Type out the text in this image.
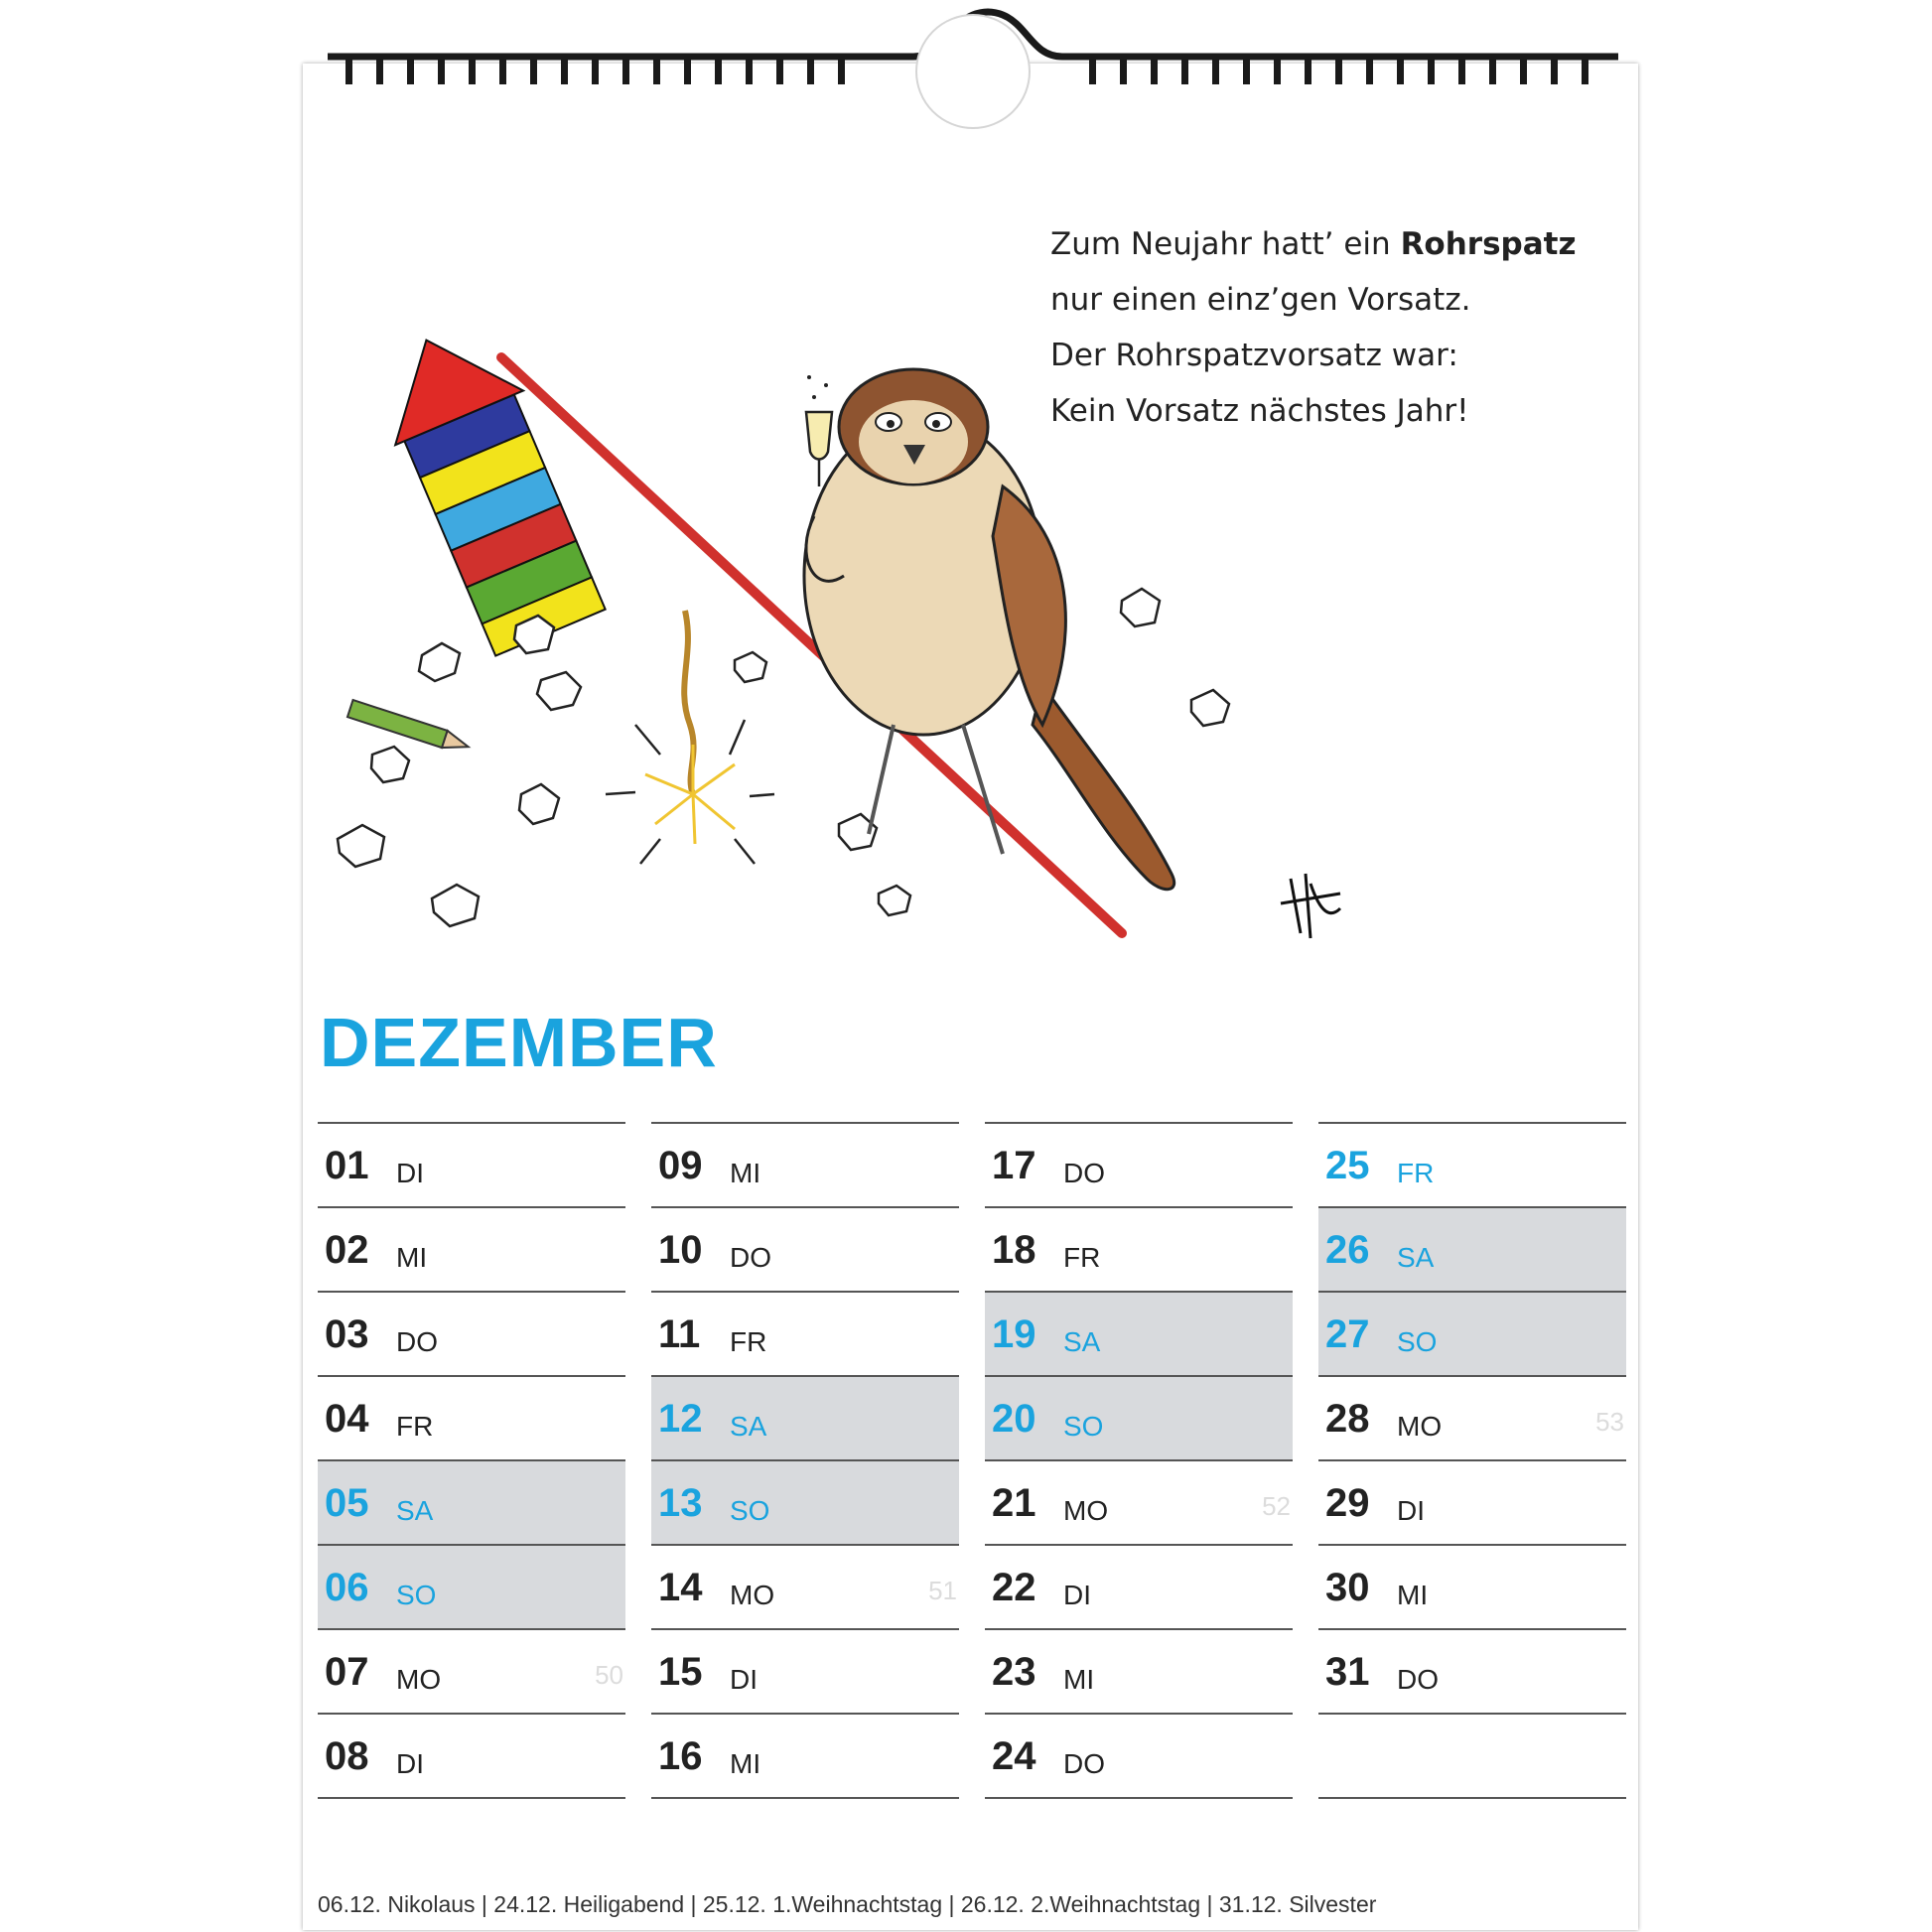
Zum Neujahr hatt’ ein Rohrspatz
nur einen einz’gen Vorsatz.
Der Rohrspatzvorsatz war:
Kein Vorsatz nächstes Jahr!
DEZEMBER
01 DI
02 MI
03 DO
04 FR
05 SA
06 SO
07 MO	50
08 DI
09 MI
10 DO
11 FR
12 SA
13 SO
14 MO	51
15 DI
16 MI
17 DO
18 FR
19 SA
20 SO
21 MO	52
22 DI
23 MI
24 DO
25 FR
26 SA
27 SO
28 MO	53
29 DI
30 MI
31 DO
06.12. Nikolaus | 24.12. Heiligabend | 25.12. 1.Weihnachtstag | 26.12. 2.Weihnachtstag | 31.12. Silvester
